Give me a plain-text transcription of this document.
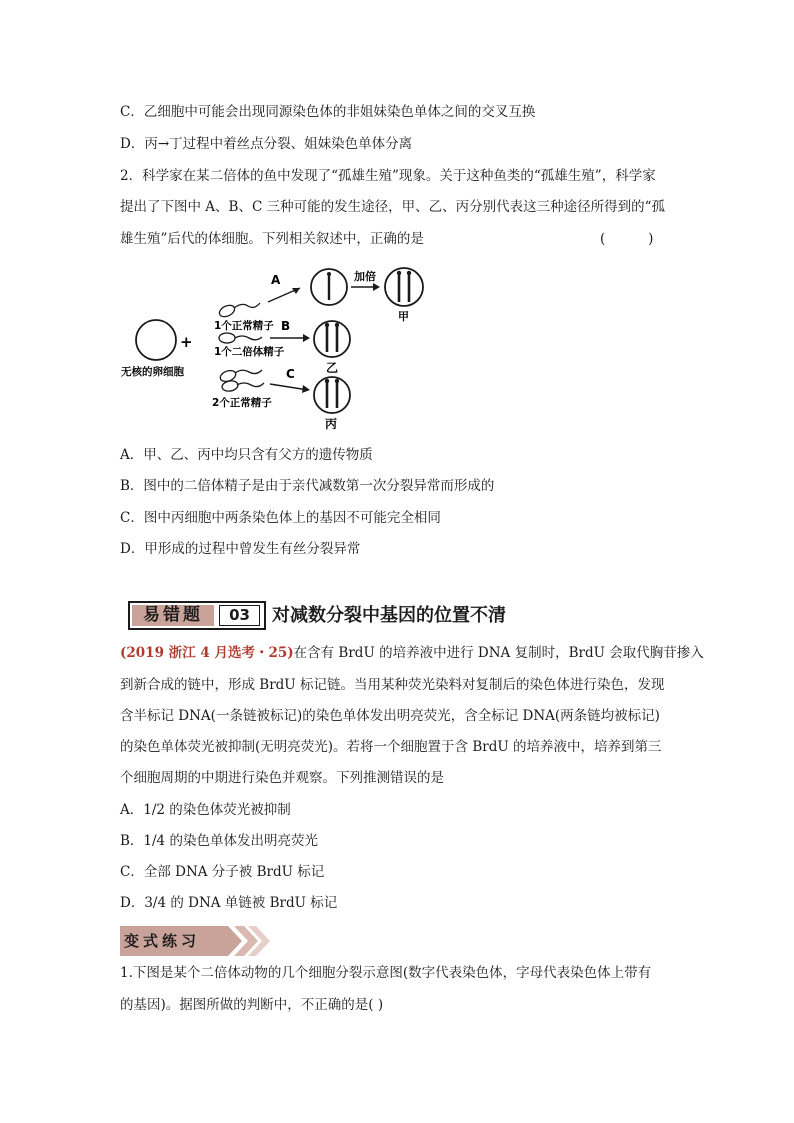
C．乙细胞中可能会出现同源染色体的非姐妹染色单体之间的交叉互换
D．丙→丁过程中着丝点分裂、姐妹染色单体分离
2．科学家在某二倍体的鱼中发现了“孤雄生殖”现象。关于这种鱼类的“孤雄生殖”，科学家
提出了下图中 A、B、C 三种可能的发生途径，甲、乙、丙分别代表这三种途径所得到的“孤
雄生殖”后代的体细胞。下列相关叙述中，正确的是	(          )
无核的卵细胞
+
1个正常精子
1个二倍体精子
2个正常精子
A
B
C
加倍
甲
乙
丙
A．甲、乙、丙中均只含有父方的遗传物质
B．图中的二倍体精子是由于亲代减数第一次分裂异常而形成的
C．图中丙细胞中两条染色体上的基因不可能完全相同
D．甲形成的过程中曾发生有丝分裂异常
易错题	03	对减数分裂中基因的位置不清
(2019 浙江 4 月选考・25)在含有 BrdU 的培养液中进行 DNA 复制时，BrdU 会取代胸苷掺入
到新合成的链中，形成 BrdU 标记链。当用某种荧光染料对复制后的染色体进行染色，发现
含半标记 DNA(一条链被标记)的染色单体发出明亮荧光，含全标记 DNA(两条链均被标记)
的染色单体荧光被抑制(无明亮荧光)。若将一个细胞置于含 BrdU 的培养液中，培养到第三
个细胞周期的中期进行染色并观察。下列推测错误的是
A．1/2 的染色体荧光被抑制
B．1/4 的染色单体发出明亮荧光
C．全部 DNA 分子被 BrdU 标记
D．3/4 的 DNA 单链被 BrdU 标记
变式练习
1.下图是某个二倍体动物的几个细胞分裂示意图(数字代表染色体，字母代表染色体上带有
的基因)。据图所做的判断中，不正确的是( )
